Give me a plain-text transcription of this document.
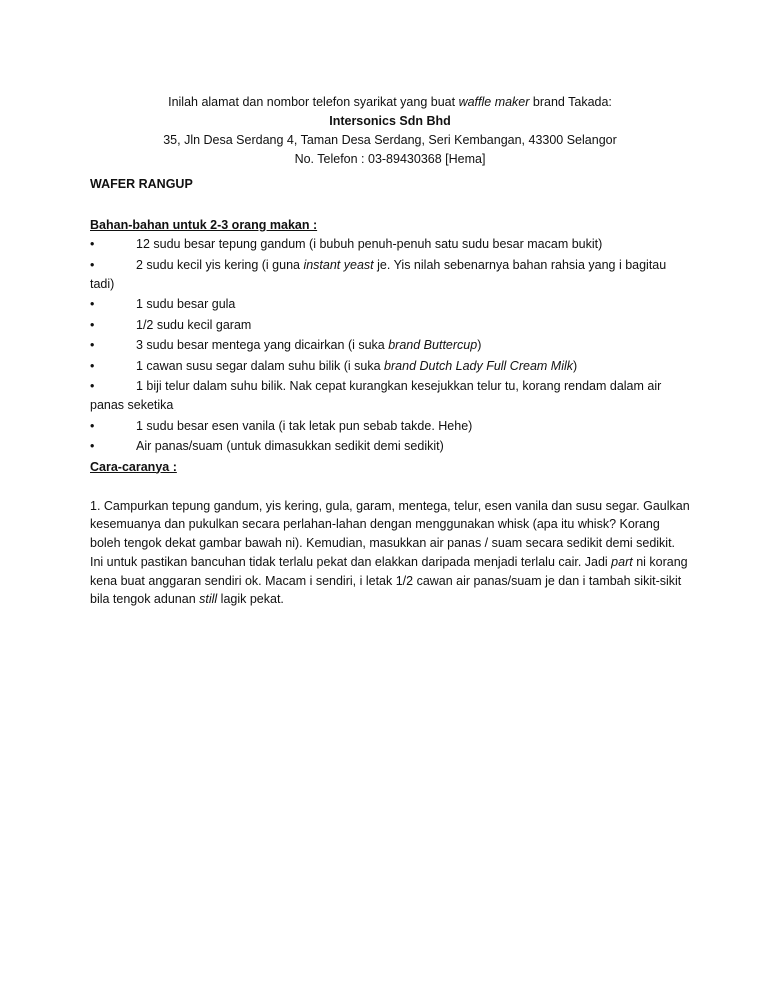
Inilah alamat dan nombor telefon syarikat yang buat waffle maker brand Takada:
Intersonics Sdn Bhd
35, Jln Desa Serdang 4, Taman Desa Serdang, Seri Kembangan, 43300 Selangor
No. Telefon : 03-89430368 [Hema]
WAFER RANGUP
Bahan-bahan untuk 2-3 orang makan :
•	12 sudu besar tepung gandum (i bubuh penuh-penuh satu sudu besar macam bukit)
•	2 sudu kecil yis kering (i guna instant yeast je. Yis nilah sebenarnya bahan rahsia yang i bagitau tadi)
•	1 sudu besar gula
•	1/2 sudu kecil garam
•	3 sudu besar mentega yang dicairkan (i suka brand Buttercup)
•	1 cawan susu segar dalam suhu bilik (i suka brand Dutch Lady Full Cream Milk)
•	1 biji telur dalam suhu bilik. Nak cepat kurangkan kesejukkan telur tu, korang rendam dalam air panas seketika
•	1 sudu besar esen vanila (i tak letak pun sebab takde. Hehe)
•	Air panas/suam (untuk dimasukkan sedikit demi sedikit)
Cara-caranya :
1. Campurkan tepung gandum, yis kering, gula, garam, mentega, telur, esen vanila dan susu segar. Gaulkan kesemuanya dan pukulkan secara perlahan-lahan dengan menggunakan whisk (apa itu whisk? Korang boleh tengok dekat gambar bawah ni). Kemudian, masukkan air panas / suam secara sedikit demi sedikit. Ini untuk pastikan bancuhan tidak terlalu pekat dan elakkan daripada menjadi terlalu cair. Jadi part ni korang kena buat anggaran sendiri ok. Macam i sendiri, i letak 1/2 cawan air panas/suam je dan i tambah sikit-sikit bila tengok adunan still lagik pekat.
